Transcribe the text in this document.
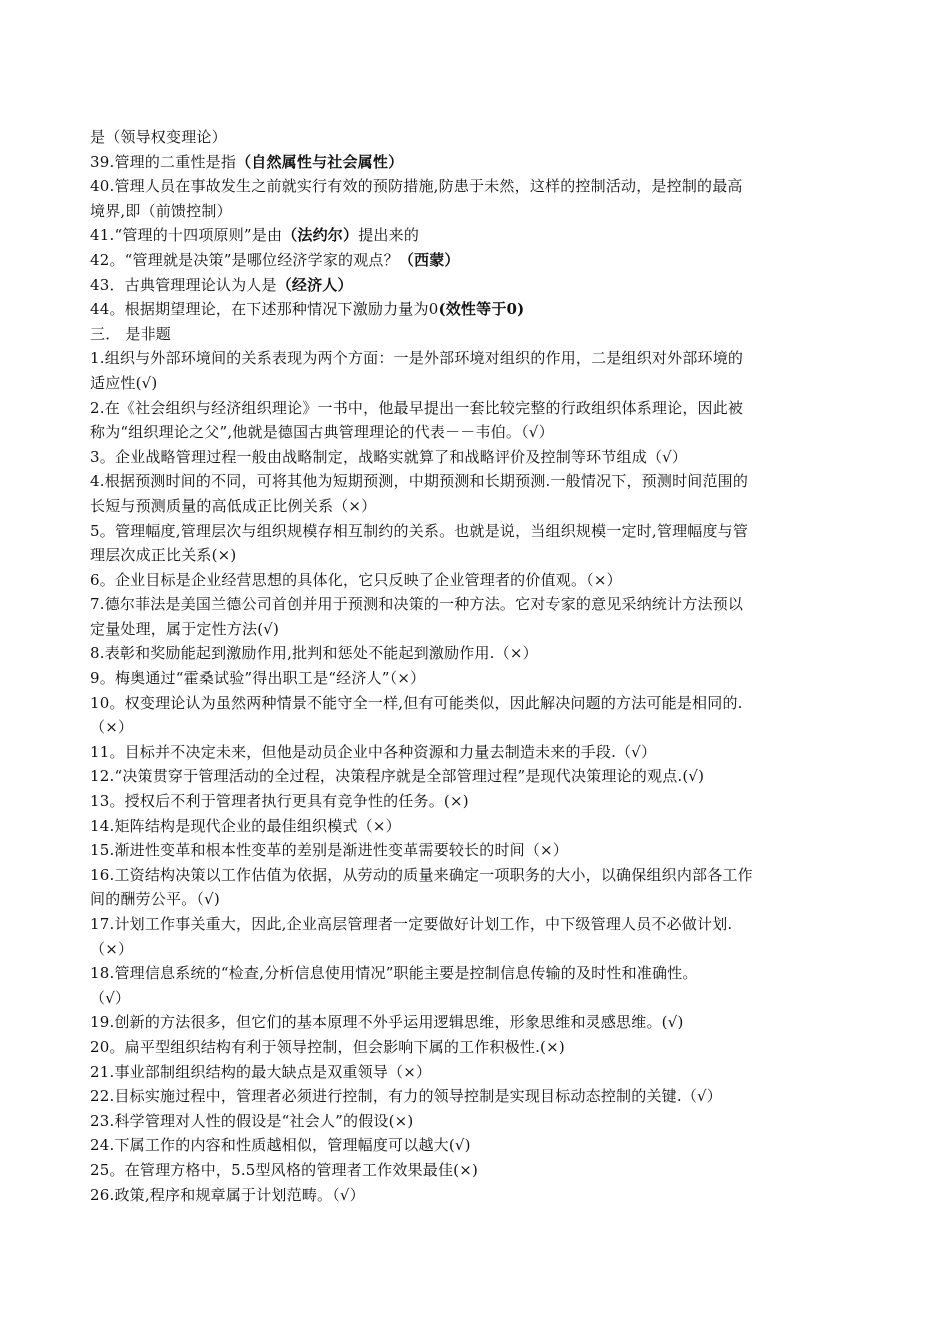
是（领导权变理论）
39.管理的二重性是指（自然属性与社会属性）
40.管理人员在事故发生之前就实行有效的预防措施,防患于未然，这样的控制活动，是控制的最高
境界,即（前馈控制）
41.“管理的十四项原则”是由（法约尔）提出来的
42。“管理就是决策”是哪位经济学家的观点？（西蒙）
43．古典管理理论认为人是（经济人）
44。根据期望理论，在下述那种情况下激励力量为0(效性等于0)
三． 是非题
1.组织与外部环境间的关系表现为两个方面：一是外部环境对组织的作用，二是组织对外部环境的
适应性(√)
2.在《社会组织与经济组织理论》一书中，他最早提出一套比较完整的行政组织体系理论，因此被
称为“组织理论之父”,他就是德国古典管理理论的代表－－韦伯。（√）
3。企业战略管理过程一般由战略制定，战略实就算了和战略评价及控制等环节组成（√）
4.根据预测时间的不同，可将其他为短期预测，中期预测和长期预测.一般情况下，预测时间范围的
长短与预测质量的高低成正比例关系（×）
5。管理幅度,管理层次与组织规模存相互制约的关系。也就是说，当组织规模一定时,管理幅度与管
理层次成正比关系(×)
6。企业目标是企业经营思想的具体化，它只反映了企业管理者的价值观。（×）
7.德尔菲法是美国兰德公司首创并用于预测和决策的一种方法。它对专家的意见采纳统计方法预以
定量处理，属于定性方法(√)
8.表彰和奖励能起到激励作用,批判和惩处不能起到激励作用.（×）
9。梅奥通过“霍桑试验”得出职工是“经济人”（×）
10。权变理论认为虽然两种情景不能守全一样,但有可能类似，因此解决问题的方法可能是相同的.
（×）
11。目标并不决定未来，但他是动员企业中各种资源和力量去制造未来的手段.（√）
12.“决策贯穿于管理活动的全过程，决策程序就是全部管理过程”是现代决策理论的观点.(√)
13。授权后不利于管理者执行更具有竞争性的任务。(×)
14.矩阵结构是现代企业的最佳组织模式（×）
15.渐进性变革和根本性变革的差别是渐进性变革需要较长的时间（×）
16.工资结构决策以工作估值为依据，从劳动的质量来确定一项职务的大小，以确保组织内部各工作
间的酬劳公平。（√)
17.计划工作事关重大，因此,企业高层管理者一定要做好计划工作，中下级管理人员不必做计划.
（×）
18.管理信息系统的“检查,分析信息使用情况”职能主要是控制信息传输的及时性和准确性。
（√）
19.创新的方法很多，但它们的基本原理不外乎运用逻辑思维，形象思维和灵感思维。(√)
20。扁平型组织结构有利于领导控制，但会影响下属的工作积极性.(×)
21.事业部制组织结构的最大缺点是双重领导（×）
22.目标实施过程中，管理者必须进行控制，有力的领导控制是实现目标动态控制的关键.（√）
23.科学管理对人性的假设是“社会人”的假设(×)
24.下属工作的内容和性质越相似，管理幅度可以越大(√)
25。在管理方格中，5.5型风格的管理者工作效果最佳(×)
26.政策,程序和规章属于计划范畴。（√）
